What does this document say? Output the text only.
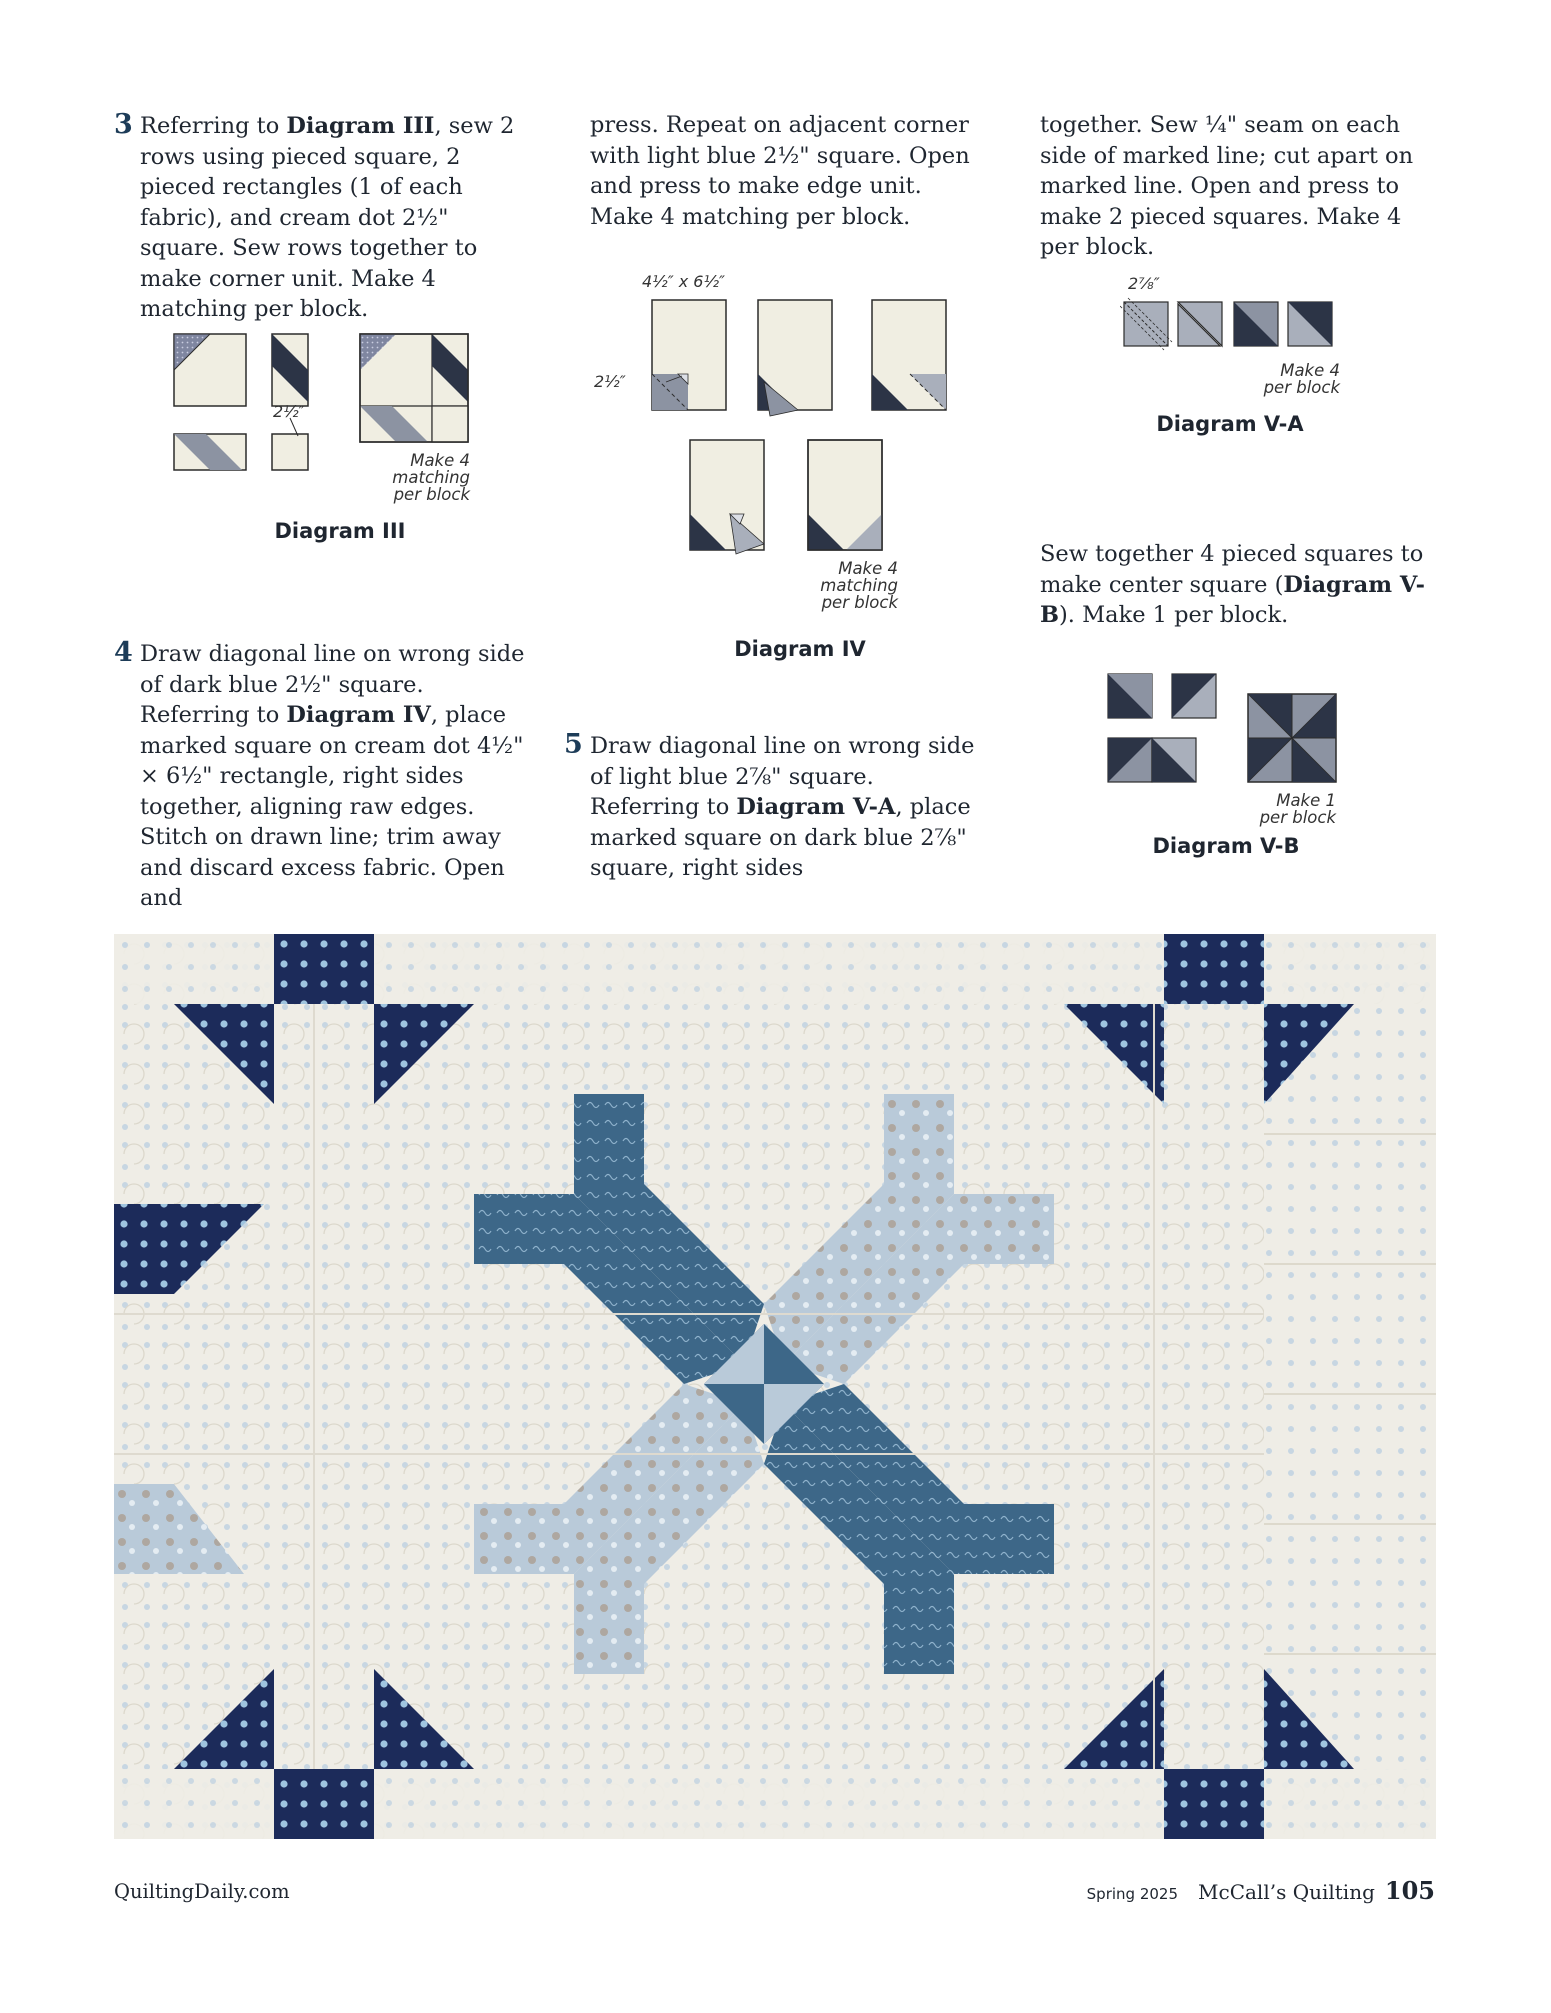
3 Referring to Diagram III, sew 2 rows using pieced square, 2 pieced rectangles (1 of each fabric), and cream dot 2½" square. Sew rows together to make corner unit. Make 4 matching per block.

4 Draw diagonal line on wrong side of dark blue 2½" square. Referring to Diagram IV, place marked square on cream dot 4½" × 6½" rectangle, right sides together, aligning raw edges. Stitch on drawn line; trim away and discard excess fabric. Open and

press. Repeat on adjacent corner with light blue 2½" square. Open and press to make edge unit. Make 4 matching per block.

5 Draw diagonal line on wrong side of light blue 2⅞" square. Referring to Diagram V-A, place marked square on dark blue 2⅞" square, right sides

together. Sew ¼" seam on each side of marked line; cut apart on marked line. Open and press to make 2 pieced squares. Make 4 per block.

Sew together 4 pieced squares to make center square (Diagram V-B). Make 1 per block.

2½″
Make 4
matching
per block
Diagram III
4½″ x 6½″
2½″
Make 4
matching
per block
Diagram IV
2⅞″
Make 4
per block
Diagram V-A
Make 1
per block
Diagram V-B
QuiltingDaily.com	Spring 2025 McCall’s Quilting 105
